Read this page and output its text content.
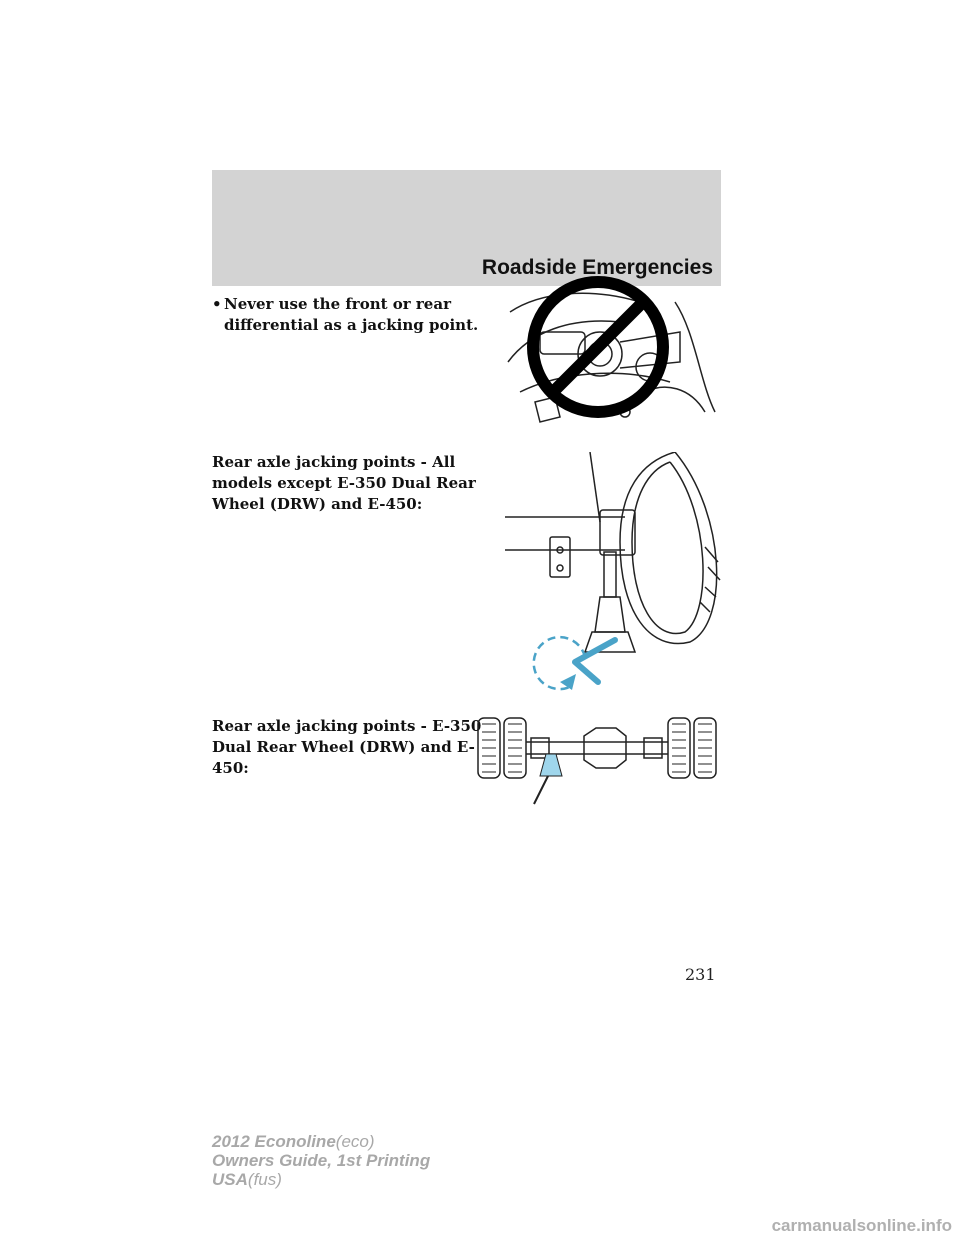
Roadside Emergencies
• Never use the front or rear differential as a jacking point.
Rear axle jacking points - All models except E-350 Dual Rear Wheel (DRW) and E-450:
Rear axle jacking points - E-350 Dual Rear Wheel (DRW) and E-450:
231
2012 Econoline(eco)
Owners Guide, 1st Printing
USA(fus)
carmanualsonline.info
